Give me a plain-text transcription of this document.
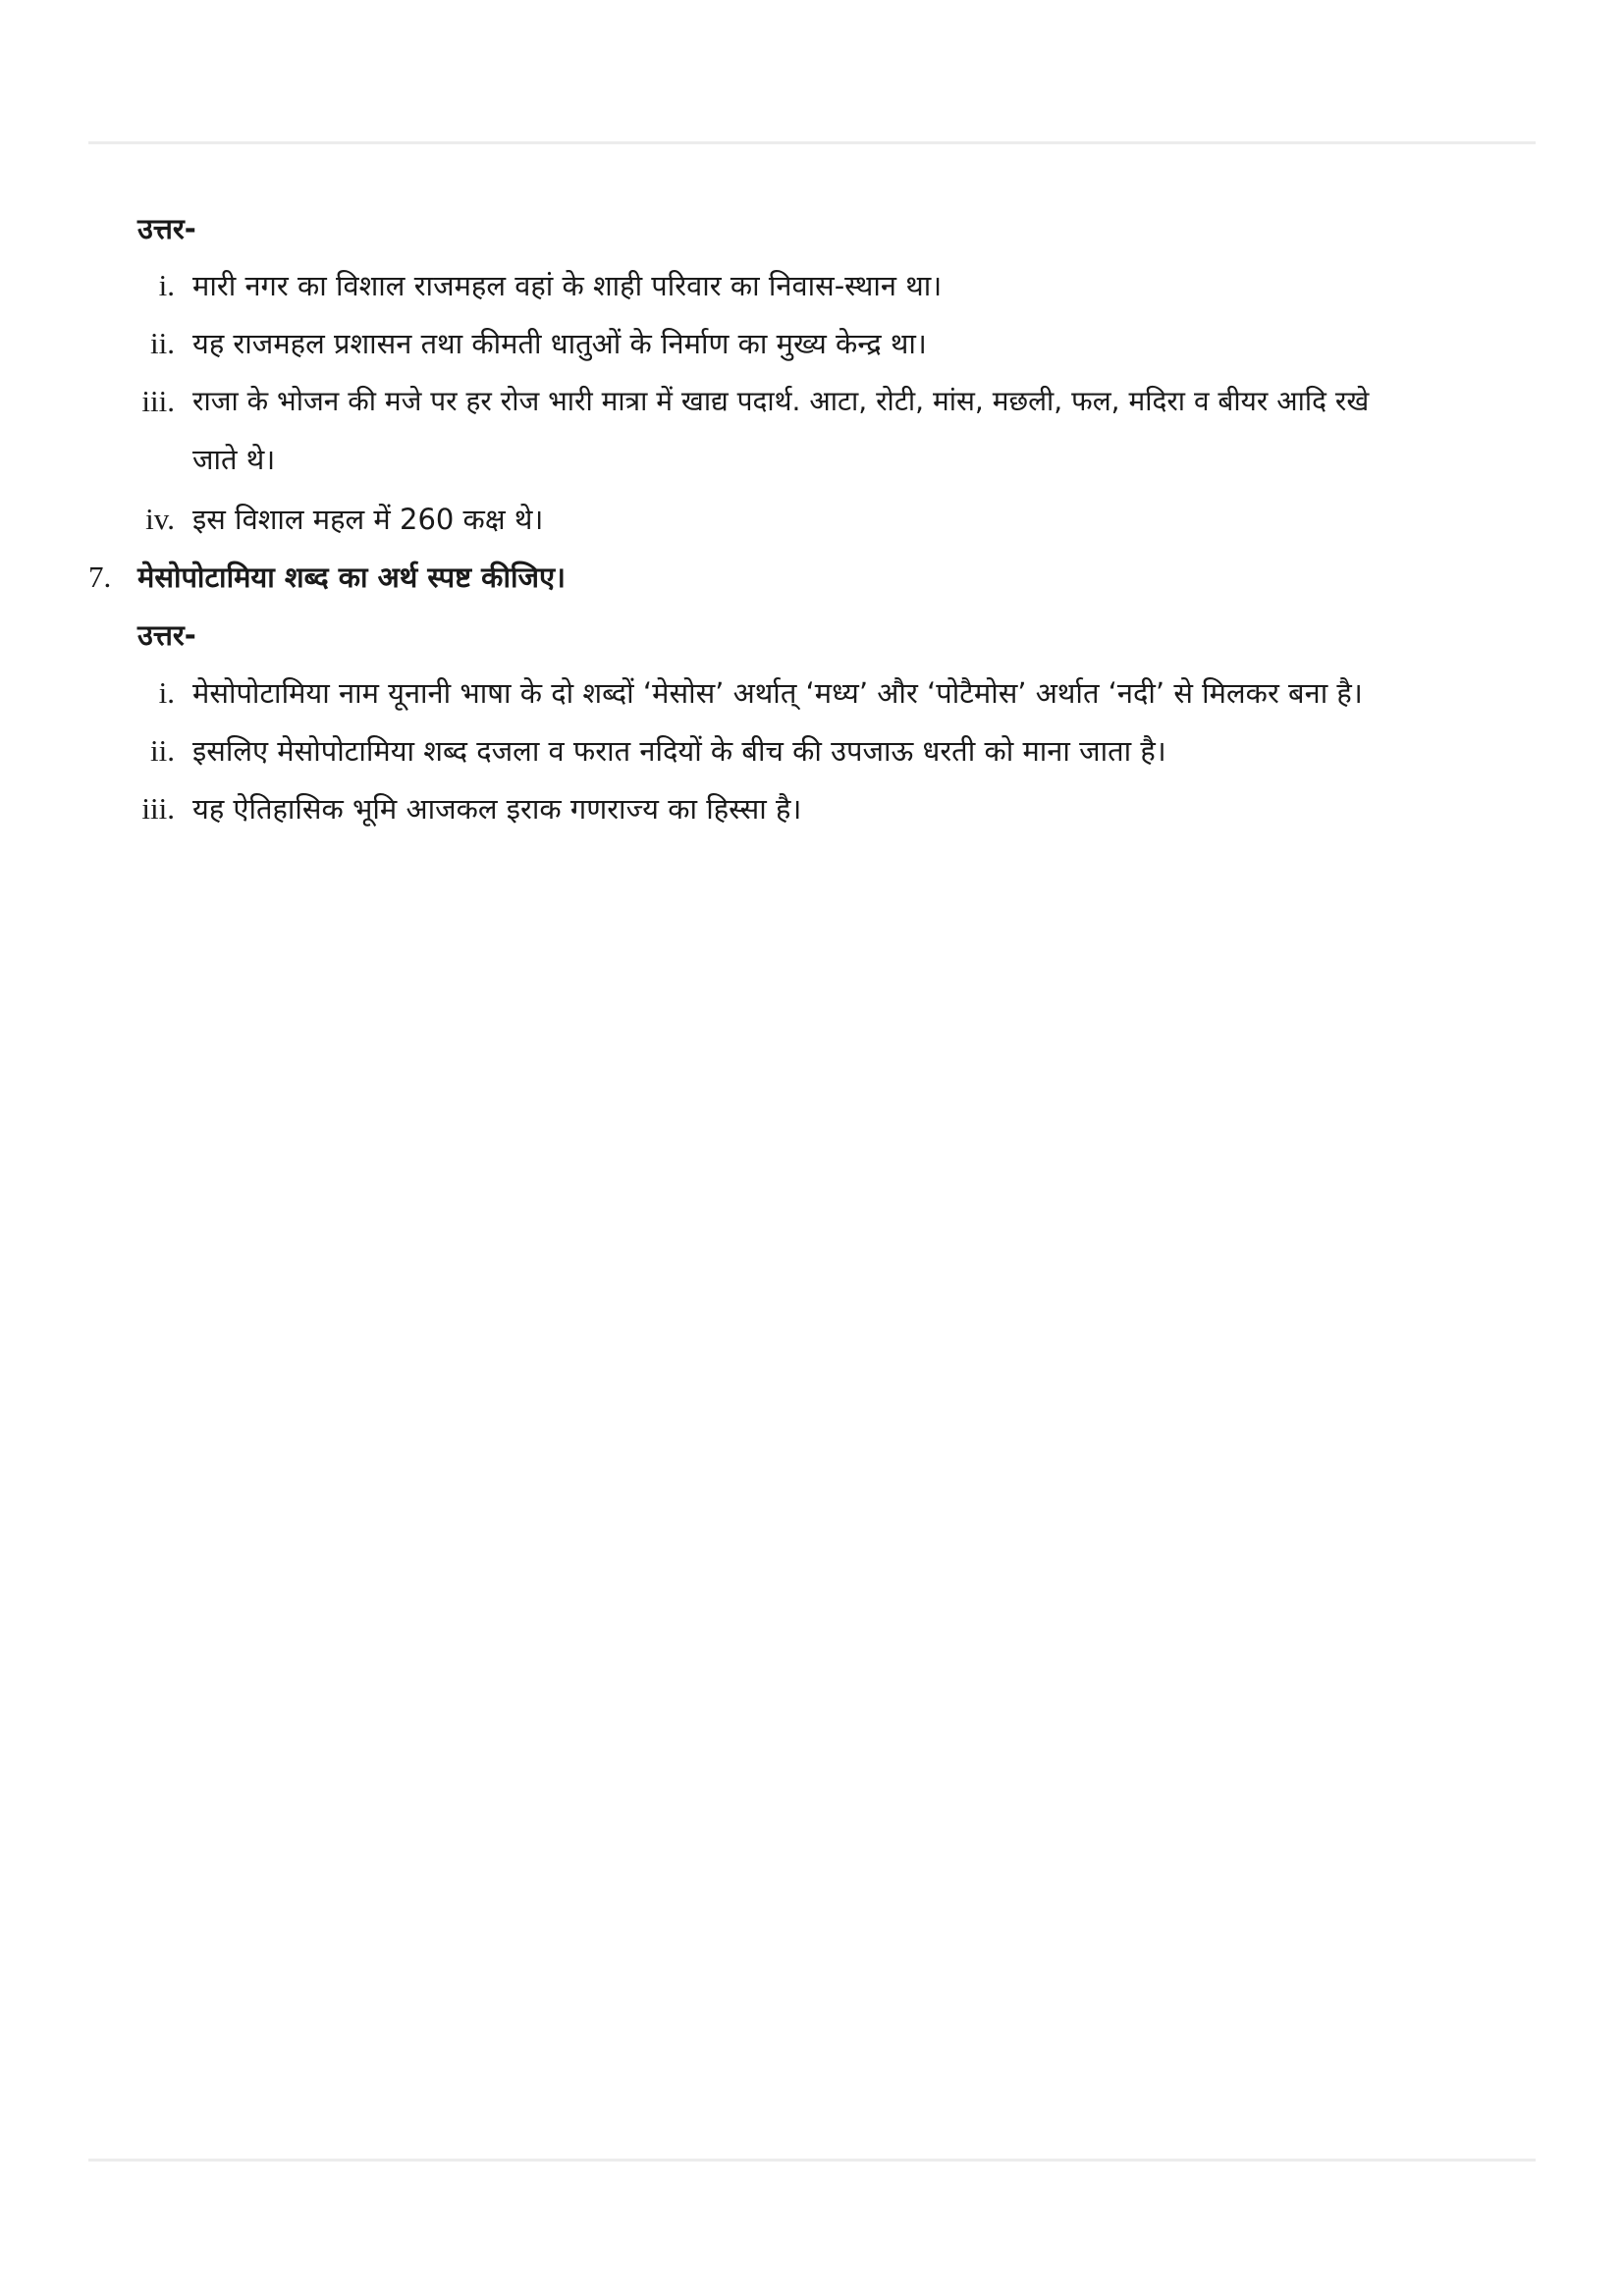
उत्तर-
i. मारी नगर का विशाल राजमहल वहां के शाही परिवार का निवास-स्थान था।
ii. यह राजमहल प्रशासन तथा कीमती धातुओं के निर्माण का मुख्य केन्द्र था।
iii. राजा के भोजन की मजे पर हर रोज भारी मात्रा में खाद्य पदार्थ. आटा, रोटी, मांस, मछली, फल, मदिरा व बीयर आदि रखे
जाते थे।
iv. इस विशाल महल में 260 कक्ष थे।
7. मेसोपोटामिया शब्द का अर्थ स्पष्ट कीजिए।
उत्तर-
i. मेसोपोटामिया नाम यूनानी भाषा के दो शब्दों ‘मेसोस’ अर्थात् ‘मध्य’ और ‘पोटैमोस’ अर्थात ‘नदी’ से मिलकर बना है।
ii. इसलिए मेसोपोटामिया शब्द दजला व फरात नदियों के बीच की उपजाऊ धरती को माना जाता है।
iii. यह ऐतिहासिक भूमि आजकल इराक गणराज्य का हिस्सा है।
